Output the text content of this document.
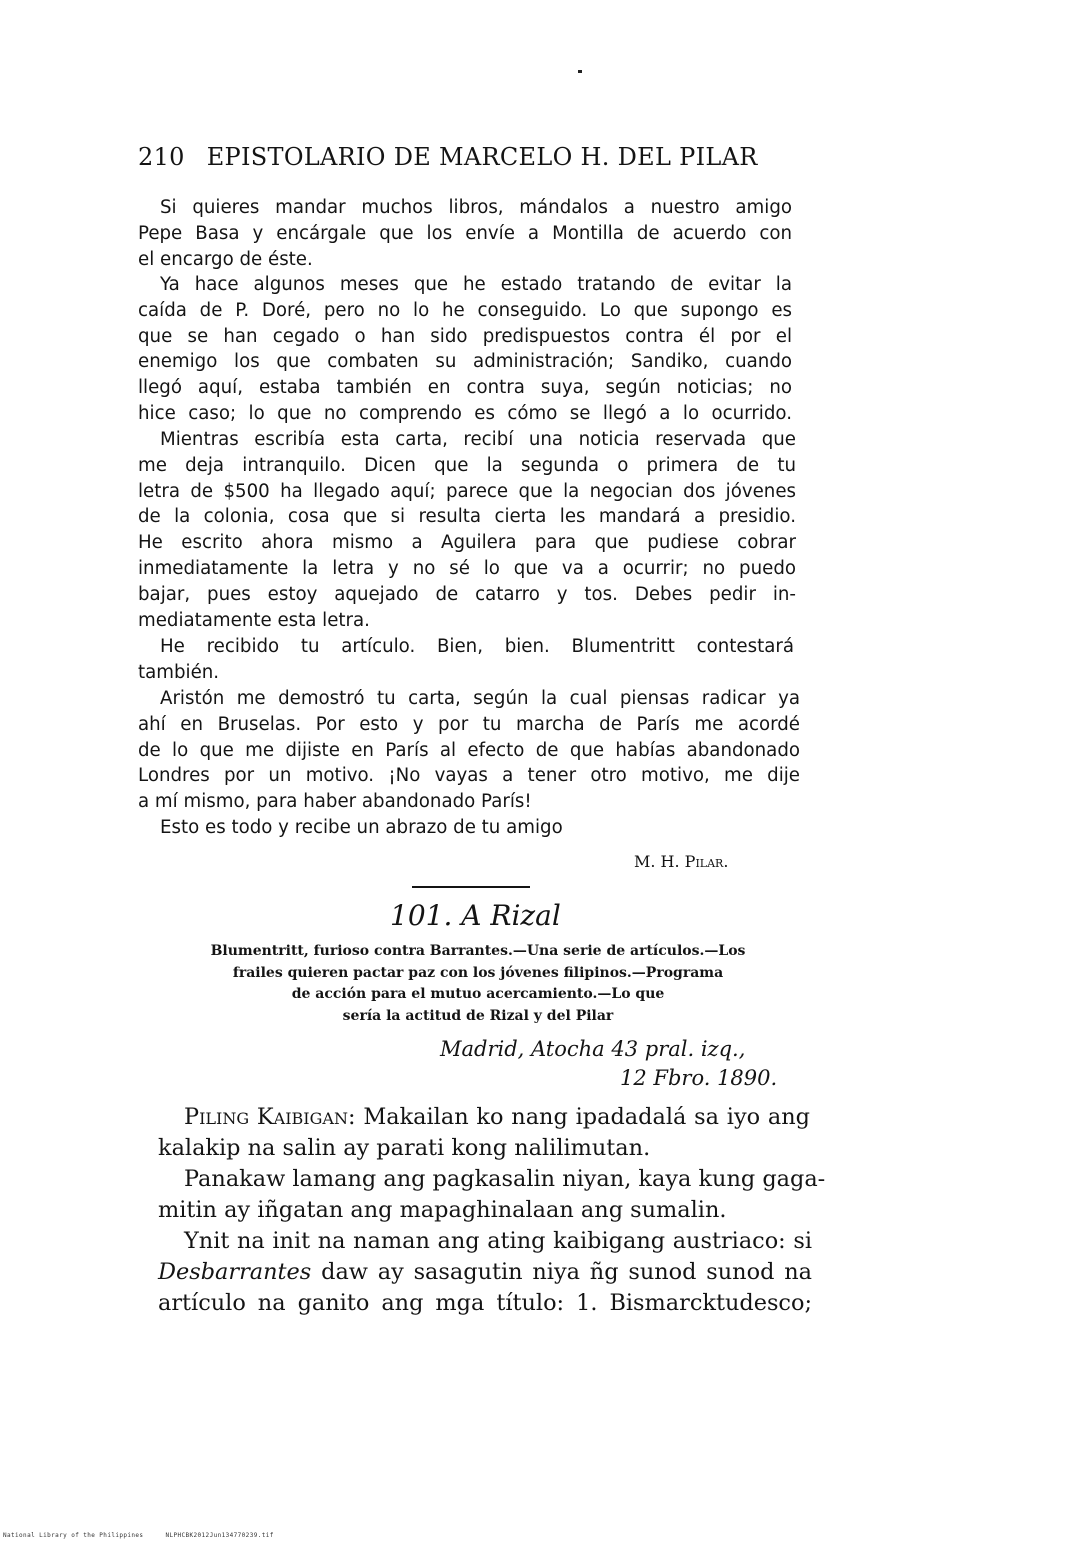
210 EPISTOLARIO DE MARCELO H. DEL PILAR
Si quieres mandar muchos libros, mándalos a nuestro amigo
Pepe Basa y encárgale que los envíe a Montilla de acuerdo con
el encargo de éste.
Ya hace algunos meses que he estado tratando de evitar la
caída de P. Doré, pero no lo he conseguido. Lo que supongo es
que se han cegado o han sido predispuestos contra él por el
enemigo los que combaten su administración; Sandiko, cuando
llegó aquí, estaba también en contra suya, según noticias; no
hice caso; lo que no comprendo es cómo se llegó a lo ocurrido.
Mientras escribía esta carta, recibí una noticia reservada que
me deja intranquilo. Dicen que la segunda o primera de tu
letra de $500 ha llegado aquí; parece que la negocian dos jóvenes
de la colonia, cosa que si resulta cierta les mandará a presidio.
He escrito ahora mismo a Aguilera para que pudiese cobrar
inmediatamente la letra y no sé lo que va a ocurrir; no puedo
bajar, pues estoy aquejado de catarro y tos. Debes pedir in-
mediatamente esta letra.
He recibido tu artículo. Bien, bien. Blumentritt contestará
también.
Aristón me demostró tu carta, según la cual piensas radicar ya
ahí en Bruselas. Por esto y por tu marcha de París me acordé
de lo que me dijiste en París al efecto de que habías abandonado
Londres por un motivo. ¡No vayas a tener otro motivo, me dije
a mí mismo, para haber abandonado París!
Esto es todo y recibe un abrazo de tu amigo
M. H. Pilar.
101. A Rizal
Blumentritt, furioso contra Barrantes.—Una serie de artículos.—Los
frailes quieren pactar paz con los jóvenes filipinos.—Programa
de acción para el mutuo acercamiento.—Lo que
sería la actitud de Rizal y del Pilar
Madrid, Atocha 43 pral. izq.,
12 Fbro. 1890.
Piling Kaibigan: Makailan ko nang ipadadalá sa iyo ang
kalakip na salin ay parati kong nalilimutan.
Panakaw lamang ang pagkasalin niyan, kaya kung gaga-
mitin ay iñgatan ang mapaghinalaan ang sumalin.
Ynit na init na naman ang ating kaibigang austriaco: si
Desbarrantes daw ay sasagutin niya ñg sunod sunod na
artículo na ganito ang mga título: 1. Bismarcktudesco;
National Library of the Philippines	NLPHCBK2012Jun134770239.tif
